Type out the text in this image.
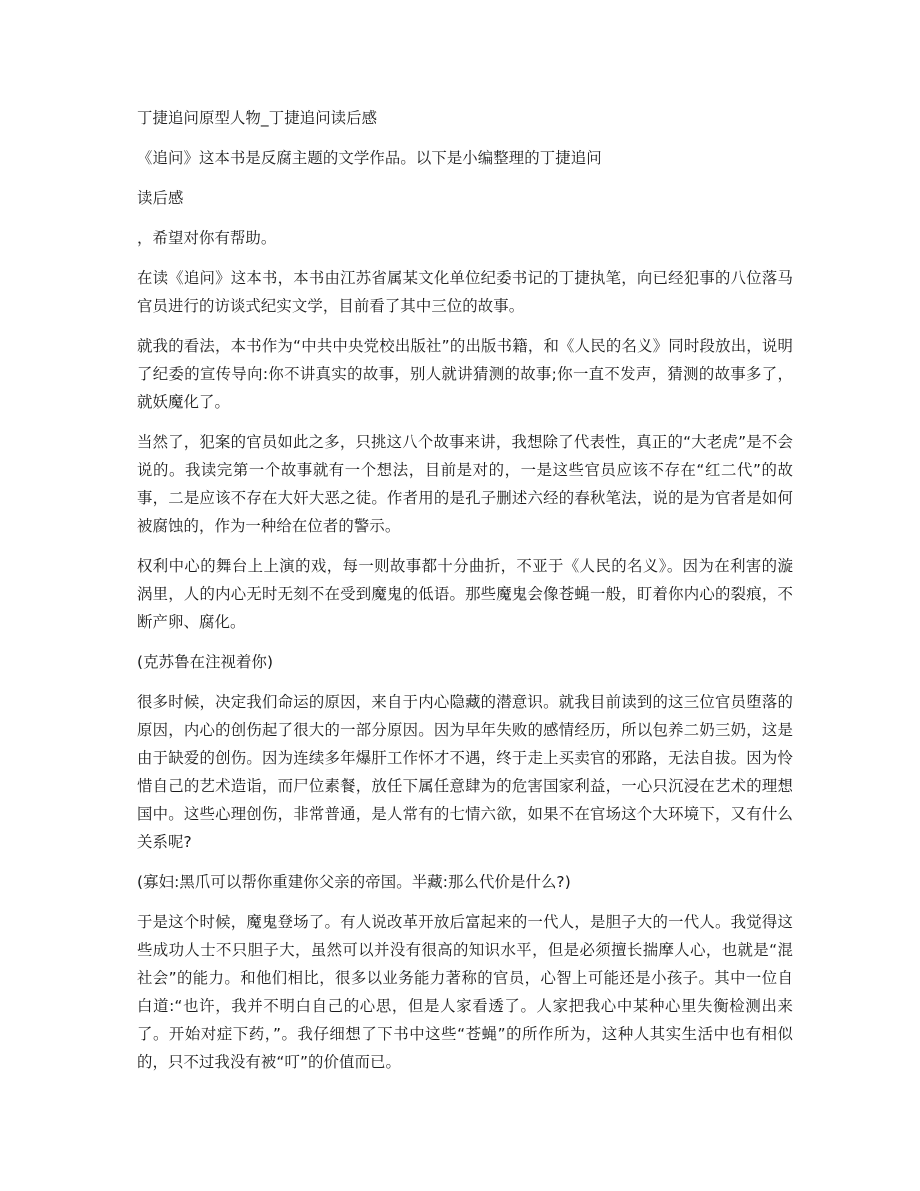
丁捷追问原型人物_丁捷追问读后感

《追问》这本书是反腐主题的文学作品。以下是小编整理的丁捷追问

读后感

，希望对你有帮助。

在读《追问》这本书，本书由江苏省属某文化单位纪委书记的丁捷执笔，向已经犯事的八位落马官员进行的访谈式纪实文学，目前看了其中三位的故事。

就我的看法，本书作为“中共中央党校出版社”的出版书籍，和《人民的名义》同时段放出，说明了纪委的宣传导向:你不讲真实的故事，别人就讲猜测的故事;你一直不发声，猜测的故事多了，就妖魔化了。

当然了，犯案的官员如此之多，只挑这八个故事来讲，我想除了代表性，真正的“大老虎”是不会说的。我读完第一个故事就有一个想法，目前是对的，一是这些官员应该不存在“红二代”的故事，二是应该不存在大奸大恶之徒。作者用的是孔子删述六经的春秋笔法，说的是为官者是如何被腐蚀的，作为一种给在位者的警示。

权利中心的舞台上上演的戏，每一则故事都十分曲折，不亚于《人民的名义》。因为在利害的漩涡里，人的内心无时无刻不在受到魔鬼的低语。那些魔鬼会像苍蝇一般，盯着你内心的裂痕，不断产卵、腐化。

(克苏鲁在注视着你)

很多时候，决定我们命运的原因，来自于内心隐藏的潜意识。就我目前读到的这三位官员堕落的原因，内心的创伤起了很大的一部分原因。因为早年失败的感情经历，所以包养二奶三奶，这是由于缺爱的创伤。因为连续多年爆肝工作怀才不遇，终于走上买卖官的邪路，无法自拔。因为怜惜自己的艺术造诣，而尸位素餐，放任下属任意肆为的危害国家利益，一心只沉浸在艺术的理想国中。这些心理创伤，非常普通，是人常有的七情六欲，如果不在官场这个大环境下，又有什么关系呢?

(寡妇:黑爪可以帮你重建你父亲的帝国。半藏:那么代价是什么?)

于是这个时候，魔鬼登场了。有人说改革开放后富起来的一代人，是胆子大的一代人。我觉得这些成功人士不只胆子大，虽然可以并没有很高的知识水平，但是必须擅长揣摩人心，也就是“混社会”的能力。和他们相比，很多以业务能力著称的官员，心智上可能还是小孩子。其中一位自白道:“也许，我并不明白自己的心思，但是人家看透了。人家把我心中某种心里失衡检测出来了。开始对症下药，”。我仔细想了下书中这些“苍蝇”的所作所为，这种人其实生活中也有相似的，只不过我没有被“叮”的价值而已。
